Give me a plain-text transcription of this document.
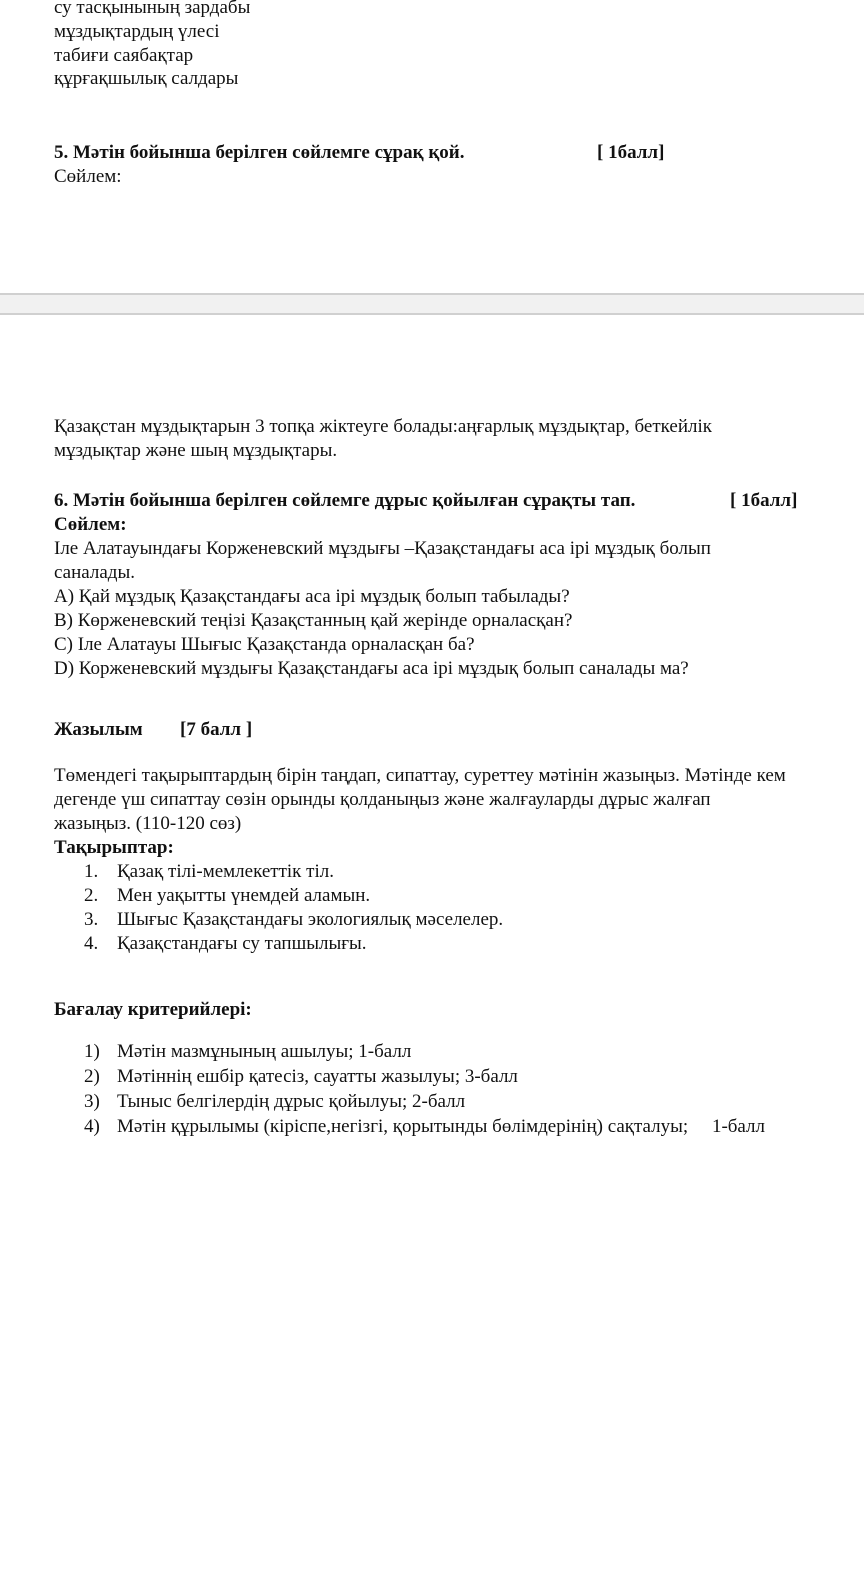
су тасқынының зардабы
мұздықтардың үлесі
табиғи саябақтар
құрғақшылық салдары
5. Мәтін бойынша берілген сөйлемге сұрақ қой.	[ 1балл]
Сөйлем:
Қазақстан мұздықтарын 3 топқа жіктеуге болады:аңғарлық мұздықтар, беткейлік
мұздықтар және шың мұздықтары.
6. Мәтін бойынша берілген сөйлемге дұрыс қойылған сұрақты тап.	[ 1балл]
Сөйлем:
Іле Алатауындағы Корженевский мұздығы –Қазақстандағы аса ірі мұздық болып
саналады.
A) Қай мұздық Қазақстандағы аса ірі мұздық болып табылады?
B) Көрженевский теңізі Қазақстанның қай жерінде орналасқан?
C) Іле Алатауы Шығыс Қазақстанда орналасқан ба?
D) Корженевский мұздығы Қазақстандағы аса ірі мұздық болып саналады ма?
Жазылым [7 балл ]
Төмендегі тақырыптардың бірін таңдап, сипаттау, суреттеу мәтінін жазыңыз. Мәтінде кем
дегенде үш сипаттау сөзін орынды қолданыңыз және жалғауларды дұрыс жалғап
жазыңыз. (110-120 сөз)
Тақырыптар:
1. Қазақ тілі-мемлекеттік тіл.
2. Мен уақытты үнемдей аламын.
3. Шығыс Қазақстандағы экологиялық мәселелер.
4. Қазақстандағы су тапшылығы.
Бағалау критерийлері:
1) Мәтін мазмұнының ашылуы; 1-балл
2) Мәтіннің ешбір қатесіз, сауатты жазылуы; 3-балл
3) Тыныс белгілердің дұрыс қойылуы; 2-балл
4) Мәтін құрылымы (кіріспе,негізгі, қорытынды бөлімдерінің) сақталуы;     1-балл
